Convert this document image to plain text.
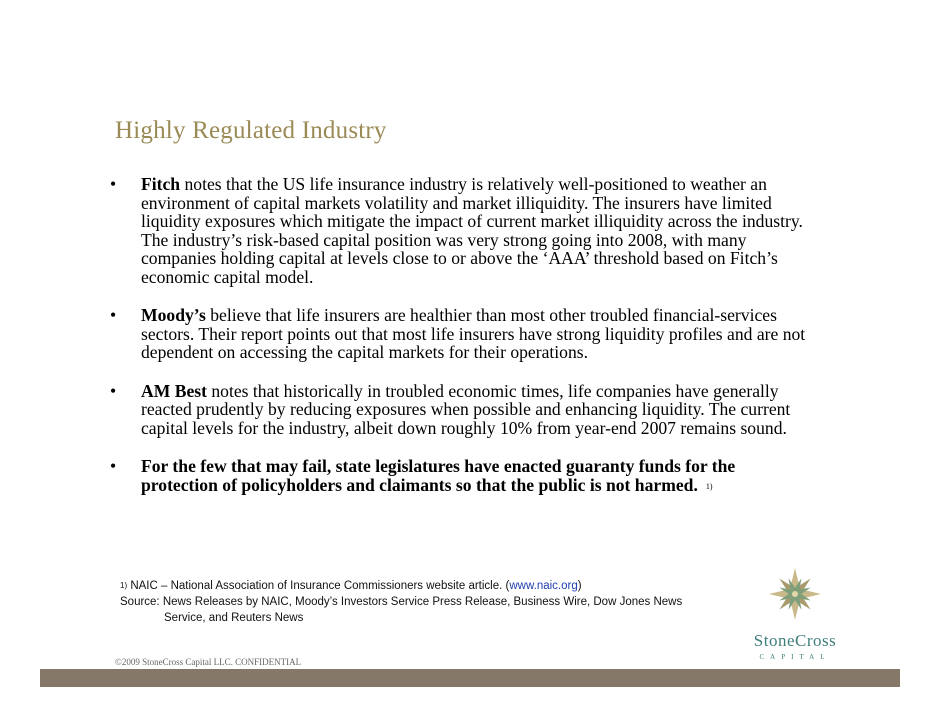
Highly Regulated Industry
• Fitch notes that the US life insurance industry is relatively well-positioned to weather an environment of capital markets volatility and market illiquidity. The insurers have limited liquidity exposures which mitigate the impact of current market illiquidity across the industry. The industry’s risk-based capital position was very strong going into 2008, with many companies holding capital at levels close to or above the ‘AAA’ threshold based on Fitch’s economic capital model.
• Moody’s believe that life insurers are healthier than most other troubled financial-services sectors. Their report points out that most life insurers have strong liquidity profiles and are not dependent on accessing the capital markets for their operations.
• AM Best notes that historically in troubled economic times, life companies have generally reacted prudently by reducing exposures when possible and enhancing liquidity. The current capital levels for the industry, albeit down roughly 10% from year-end 2007 remains sound.
• For the few that may fail, state legislatures have enacted guaranty funds for the protection of policyholders and claimants so that the public is not harmed. $^{1)}$
$^{1)}$ NAIC – National Association of Insurance Commissioners website article. (www.naic.org)
Source: News Releases by NAIC, Moody’s Investors Service Press Release, Business Wire, Dow Jones News
Service, and Reuters News
StoneCross
CAPITAL
©2009 StoneCross Capital LLC. CONFIDENTIAL
